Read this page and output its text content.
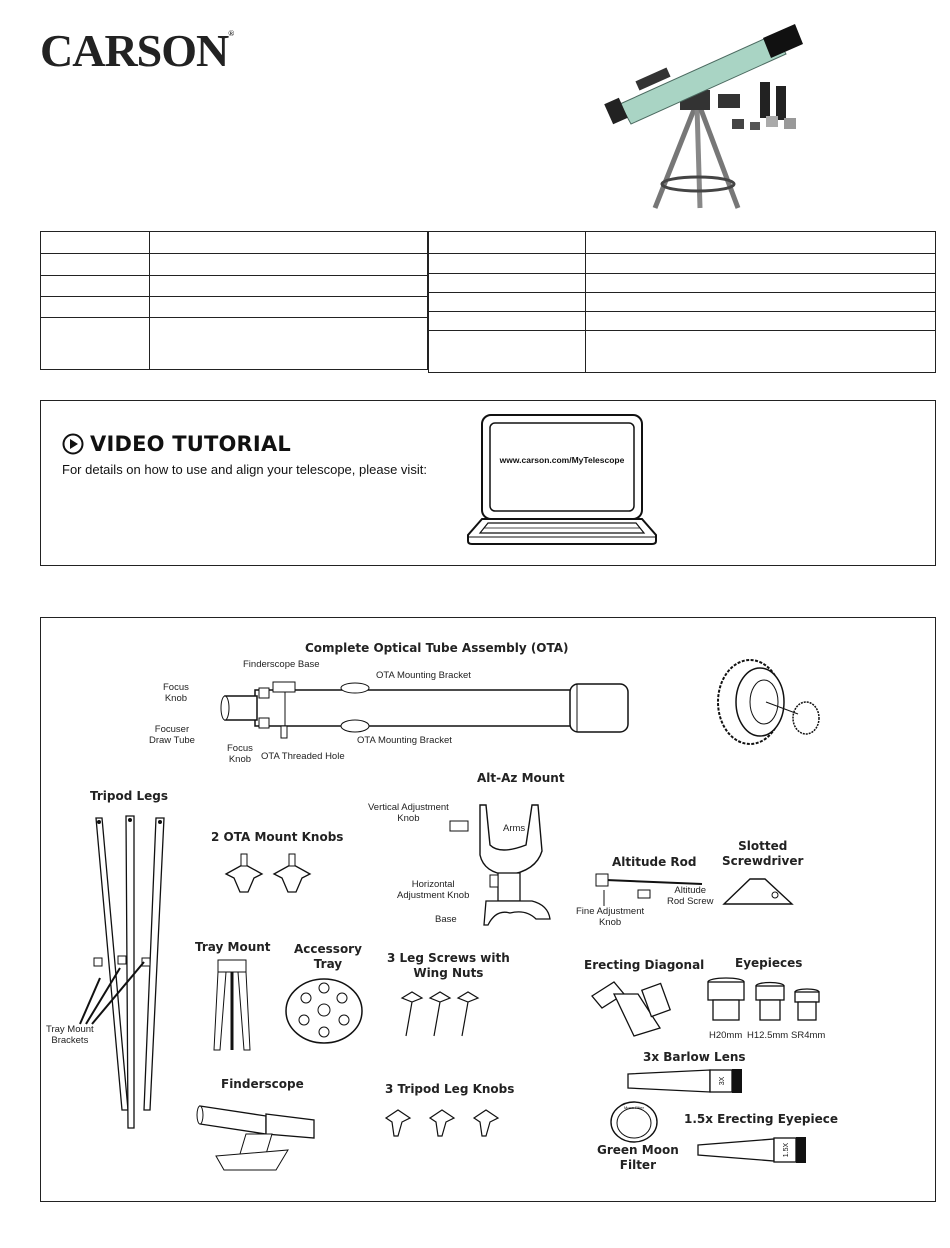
CARSON®

VIDEO TUTORIAL
For details on how to use and align your telescope, please visit:
www.carson.com/MyTelescope
Complete Optical Tube Assembly (OTA)
Finderscope Base
Focus
Knob
OTA Mounting Bracket
Focuser
Draw Tube
Focus
Knob OTA Threaded Hole
OTA Mounting Bracket
Tripod Legs
Tray Mount
Brackets
2 OTA Mount Knobs
Alt-Az Mount
Vertical Adjustment
Knob
Arms
Horizontal
Adjustment Knob
Base
Altitude Rod
Altitude
Rod Screw
Fine Adjustment
Knob
Slotted
Screwdriver
Tray Mount Accessory
Tray	3 Leg Screws with
Wing Nuts
Erecting Diagonal	Eyepieces
H20mm H12.5mm SR4mm
3x Barlow Lens
3X
Finderscope	3 Tripod Leg Knobs
Moon Filter
Green Moon
Filter
1.5x Erecting Eyepiece
1.5X
